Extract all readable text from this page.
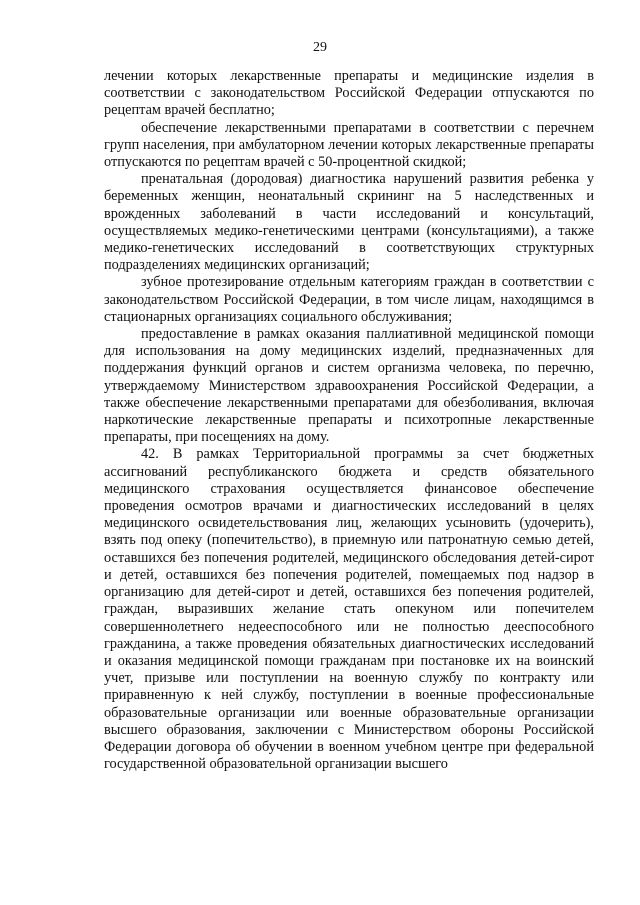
29

лечении которых лекарственные препараты и медицинские изделия в соответствии с законодательством Российской Федерации отпускаются по рецептам врачей бесплатно;

обеспечение лекарственными препаратами в соответствии с перечнем групп населения, при амбулаторном лечении которых лекарственные препараты отпускаются по рецептам врачей с 50-процентной скидкой;

пренатальная (дородовая) диагностика нарушений развития ребенка у беременных женщин, неонатальный скрининг на 5 наследственных и врожденных заболеваний в части исследований и консультаций, осуществляемых медико-генетическими центрами (консультациями), а также медико-генетических исследований в соответствующих структурных подразделениях медицинских организаций;

зубное протезирование отдельным категориям граждан в соответствии с законодательством Российской Федерации, в том числе лицам, находящимся в стационарных организациях социального обслуживания;

предоставление в рамках оказания паллиативной медицинской помощи для использования на дому медицинских изделий, предназначенных для поддержания функций органов и систем организма человека, по перечню, утверждаемому Министерством здравоохранения Российской Федерации, а также обеспечение лекарственными препаратами для обезболивания, включая наркотические лекарственные препараты и психотропные лекарственные препараты, при посещениях на дому.

42. В рамках Территориальной программы за счет бюджетных ассигнований республиканского бюджета и средств обязательного медицинского страхования осуществляется финансовое обеспечение проведения осмотров врачами и диагностических исследований в целях медицинского освидетельствования лиц, желающих усыновить (удочерить), взять под опеку (попечительство), в приемную или патронатную семью детей, оставшихся без попечения родителей, медицинского обследования детей-сирот и детей, оставшихся без попечения родителей, помещаемых под надзор в организацию для детей-сирот и детей, оставшихся без попечения родителей, граждан, выразивших желание стать опекуном или попечителем совершеннолетнего недееспособного или не полностью дееспособного гражданина, а также проведения обязательных диагностических исследований и оказания медицинской помощи гражданам при постановке их на воинский учет, призыве или поступлении на военную службу по контракту или приравненную к ней службу, поступлении в военные профессиональные образовательные организации или военные образовательные организации высшего образования, заключении с Министерством обороны Российской Федерации договора об обучении в военном учебном центре при федеральной государственной образовательной организации высшего
